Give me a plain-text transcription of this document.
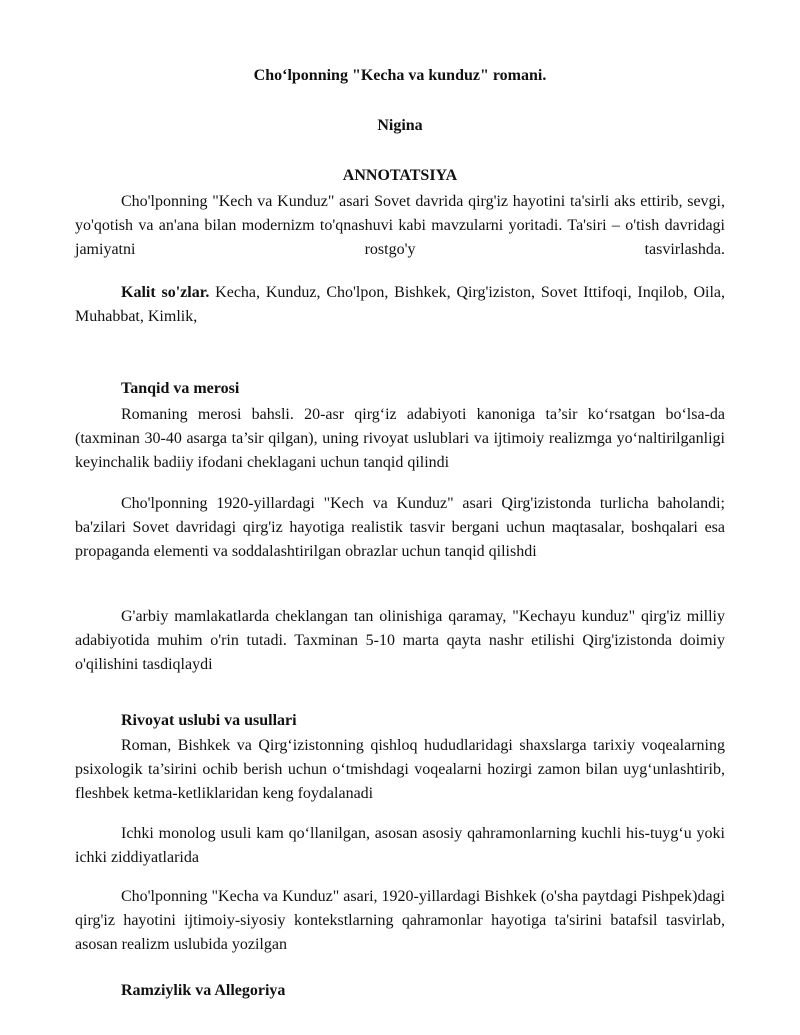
Cho‘lponning "Kecha va kunduz" romani.
Nigina
ANNOTATSIYA

Cho'lponning "Kech va Kunduz" asari Sovet davrida qirg'iz hayotini ta'sirli aks ettirib, sevgi, yo'qotish va an'ana bilan modernizm to'qnashuvi kabi mavzularni yoritadi. Ta'siri – o'tish davridagi jamiyatni rostgo'y tasvirlashda.

Kalit so'zlar. Kecha, Kunduz, Cho'lpon, Bishkek, Qirg'iziston, Sovet Ittifoqi, Inqilob, Oila, Muhabbat, Kimlik,

Tanqid va merosi

Romaning merosi bahsli. 20-asr qirg‘iz adabiyoti kanoniga ta’sir ko‘rsatgan bo‘lsa-da (taxminan 30-40 asarga ta’sir qilgan), uning rivoyat uslublari va ijtimoiy realizmga yo‘naltirilganligi keyinchalik badiiy ifodani cheklagani uchun tanqid qilindi

Cho'lponning 1920-yillardagi "Kech va Kunduz" asari Qirg'izistonda turlicha baholandi; ba'zilari Sovet davridagi qirg'iz hayotiga realistik tasvir bergani uchun maqtasalar, boshqalari esa propaganda elementi va soddalashtirilgan obrazlar uchun tanqid qilishdi

G'arbiy mamlakatlarda cheklangan tan olinishiga qaramay, "Kechayu kunduz" qirg'iz milliy adabiyotida muhim o'rin tutadi. Taxminan 5-10 marta qayta nashr etilishi Qirg'izistonda doimiy o'qilishini tasdiqlaydi

Rivoyat uslubi va usullari

Roman, Bishkek va Qirg‘izistonning qishloq hududlaridagi shaxslarga tarixiy voqealarning psixologik ta’sirini ochib berish uchun o‘tmishdagi voqealarni hozirgi zamon bilan uyg‘unlashtirib, fleshbek ketma-ketliklaridan keng foydalanadi

Ichki monolog usuli kam qo‘llanilgan, asosan asosiy qahramonlarning kuchli his-tuyg‘u yoki ichki ziddiyatlarida

Cho'lponning "Kecha va Kunduz" asari, 1920-yillardagi Bishkek (o'sha paytdagi Pishpek)dagi qirg'iz hayotini ijtimoiy-siyosiy kontekstlarning qahramonlar hayotiga ta'sirini batafsil tasvirlab, asosan realizm uslubida yozilgan

Ramziylik va Allegoriya
